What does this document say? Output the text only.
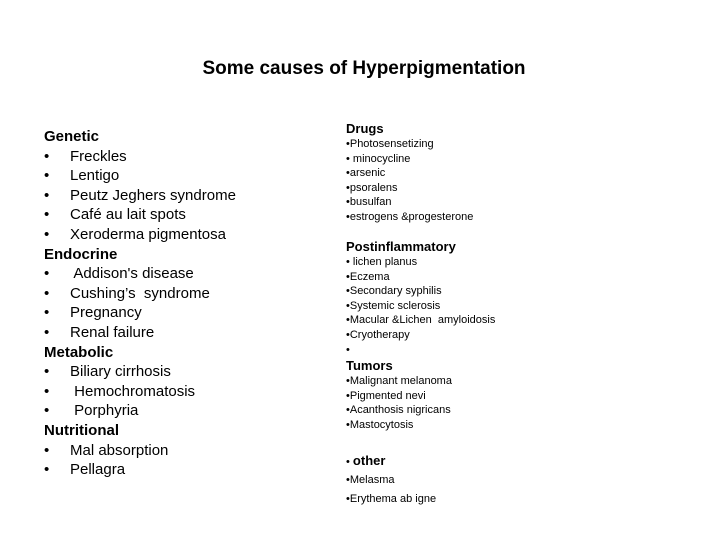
Some causes of Hyperpigmentation
Genetic
• Freckles
• Lentigo
• Peutz Jeghers syndrome
• Café au lait spots
• Xeroderma pigmentosa
Endocrine
• Addison's disease
• Cushing’s  syndrome
• Pregnancy
• Renal failure
Metabolic
• Biliary cirrhosis
• Hemochromatosis
• Porphyria
Nutritional
• Mal absorption
• Pellagra
Drugs
•Photosensetizing
• minocycline
•arsenic
•psoralens
•busulfan
•estrogens &progesterone
Postinflammatory
• lichen planus
•Eczema
•Secondary syphilis
•Systemic sclerosis
•Macular &Lichen  amyloidosis
•Cryotherapy
•
Tumors
•Malignant melanoma
•Pigmented nevi
•Acanthosis nigricans
•Mastocytosis
• other
•Melasma
•Erythema ab igne
